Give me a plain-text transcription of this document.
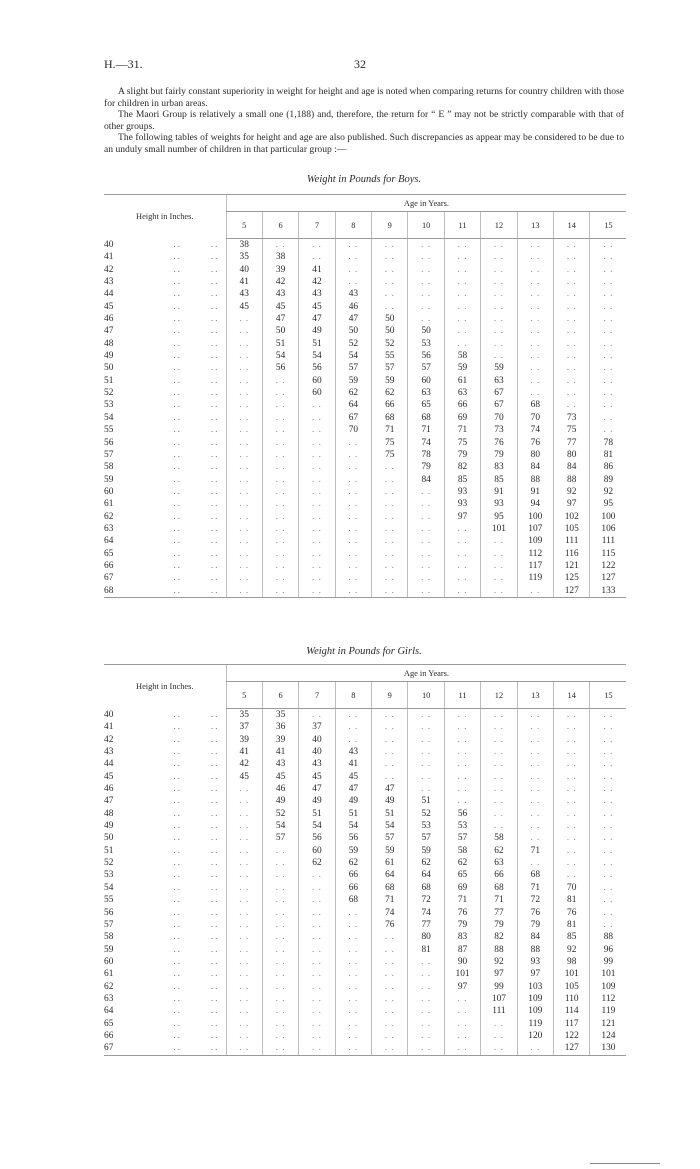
H.—31.	32

A slight but fairly constant superiority in weight for height and age is noted when comparing returns for country children with those for children in urban areas.

The Maori Group is relatively a small one (1,188) and, therefore, the return for “ E ” may not be strictly comparable with that of other groups.

The following tables of weights for height and age are also published. Such discrepancies as appear may be considered to be due to an unduly small number of children in that particular group :—

Weight in Pounds for Boys.
Height in Inches.			Age in Years.										
			5	6	7	8	9	10	11	12	13	14	15
40	..	..	38	. .	. .	. .	. .	. .	. .	. .	. .	. .	. .
41	..	..	35	38	. .	. .	. .	. .	. .	. .	. .	. .	. .
42	..	..	40	39	41	. .	. .	. .	. .	. .	. .	. .	. .
43	..	..	41	42	42	. .	. .	. .	. .	. .	. .	. .	. .
44	..	..	43	43	43	43	. .	. .	. .	. .	. .	. .	. .
45	..	..	45	45	45	46	. .	. .	. .	. .	. .	. .	. .
46	..	..	. .	47	47	47	50	. .	. .	. .	. .	. .	. .
47	..	..	. .	50	49	50	50	50	. .	. .	. .	. .	. .
48	..	..	. .	51	51	52	52	53	. .	. .	. .	. .	. .
49	..	..	. .	54	54	54	55	56	58	. .	. .	. .	. .
50	..	..	. .	56	56	57	57	57	59	59	. .	. .	. .
51	..	..	. .	. .	60	59	59	60	61	63	. .	. .	. .
52	..	..	. .	. .	60	62	62	63	63	67	. .	. .	. .
53	..	..	. .	. .	. .	64	66	65	66	67	68	. .	. .
54	..	..	. .	. .	. .	67	68	68	69	70	70	73	. .
55	..	..	. .	. .	. .	70	71	71	71	73	74	75	. .
56	..	..	. .	. .	. .	. .	75	74	75	76	76	77	78
57	..	..	. .	. .	. .	. .	75	78	79	79	80	80	81
58	..	..	. .	. .	. .	. .	. .	79	82	83	84	84	86
59	..	..	. .	. .	. .	. .	. .	84	85	85	88	88	89
60	..	..	. .	. .	. .	. .	. .	. .	93	91	91	92	92
61	..	..	. .	. .	. .	. .	. .	. .	93	93	94	97	95
62	..	..	. .	. .	. .	. .	. .	. .	97	95	100	102	100
63	..	..	. .	. .	. .	. .	. .	. .	. .	101	107	105	106
64	..	..	. .	. .	. .	. .	. .	. .	. .	. .	109	111	111
65	..	..	. .	. .	. .	. .	. .	. .	. .	. .	112	116	115
66	..	..	. .	. .	. .	. .	. .	. .	. .	. .	117	121	122
67	..	..	. .	. .	. .	. .	. .	. .	. .	. .	119	125	127
68	..	..	. .	. .	. .	. .	. .	. .	. .	. .	. .	127	133
Weight in Pounds for Girls.
Height in Inches.			Age in Years.										
			5	6	7	8	9	10	11	12	13	14	15
40	..	..	35	35	. .	. .	. .	. .	. .	. .	. .	. .	. .
41	..	..	37	36	37	. .	. .	. .	. .	. .	. .	. .	. .
42	..	..	39	39	40	. .	. .	. .	. .	. .	. .	. .	. .
43	..	..	41	41	40	43	. .	. .	. .	. .	. .	. .	. .
44	..	..	42	43	43	41	. .	. .	. .	. .	. .	. .	. .
45	..	..	45	45	45	45	. .	. .	. .	. .	. .	. .	. .
46	..	..	. .	46	47	47	47	. .	. .	. .	. .	. .	. .
47	..	..	. .	49	49	49	49	51	. .	. .	. .	. .	. .
48	..	..	. .	52	51	51	51	52	56	. .	. .	. .	. .
49	..	..	. .	54	54	54	54	53	53	. .	. .	. .	. .
50	..	..	. .	57	56	56	57	57	57	58	. .	. .	. .
51	..	..	. .	. .	60	59	59	59	58	62	71	. .	. .
52	..	..	. .	. .	62	62	61	62	62	63	. .	. .	. .
53	..	..	. .	. .	. .	66	64	64	65	66	68	. .	. .
54	..	..	. .	. .	. .	66	68	68	69	68	71	70	. .
55	..	..	. .	. .	. .	68	71	72	71	71	72	81	. .
56	..	..	. .	. .	. .	. .	74	74	76	77	76	76	. .
57	..	..	. .	. .	. .	. .	76	77	79	79	79	81	. .
58	..	..	. .	. .	. .	. .	. .	80	83	82	84	85	88
59	..	..	. .	. .	. .	. .	. .	81	87	88	88	92	96
60	..	..	. .	. .	. .	. .	. .	. .	90	92	93	98	99
61	..	..	. .	. .	. .	. .	. .	. .	101	97	97	101	101
62	..	..	. .	. .	. .	. .	. .	. .	97	99	103	105	109
63	..	..	. .	. .	. .	. .	. .	. .	. .	107	109	110	112
64	..	..	. .	. .	. .	. .	. .	. .	. .	111	109	114	119
65	..	..	. .	. .	. .	. .	. .	. .	. .	. .	119	117	121
66	..	..	. .	. .	. .	. .	. .	. .	. .	. .	120	122	124
67	..	..	. .	. .	. .	. .	. .	. .	. .	. .	. .	127	130
